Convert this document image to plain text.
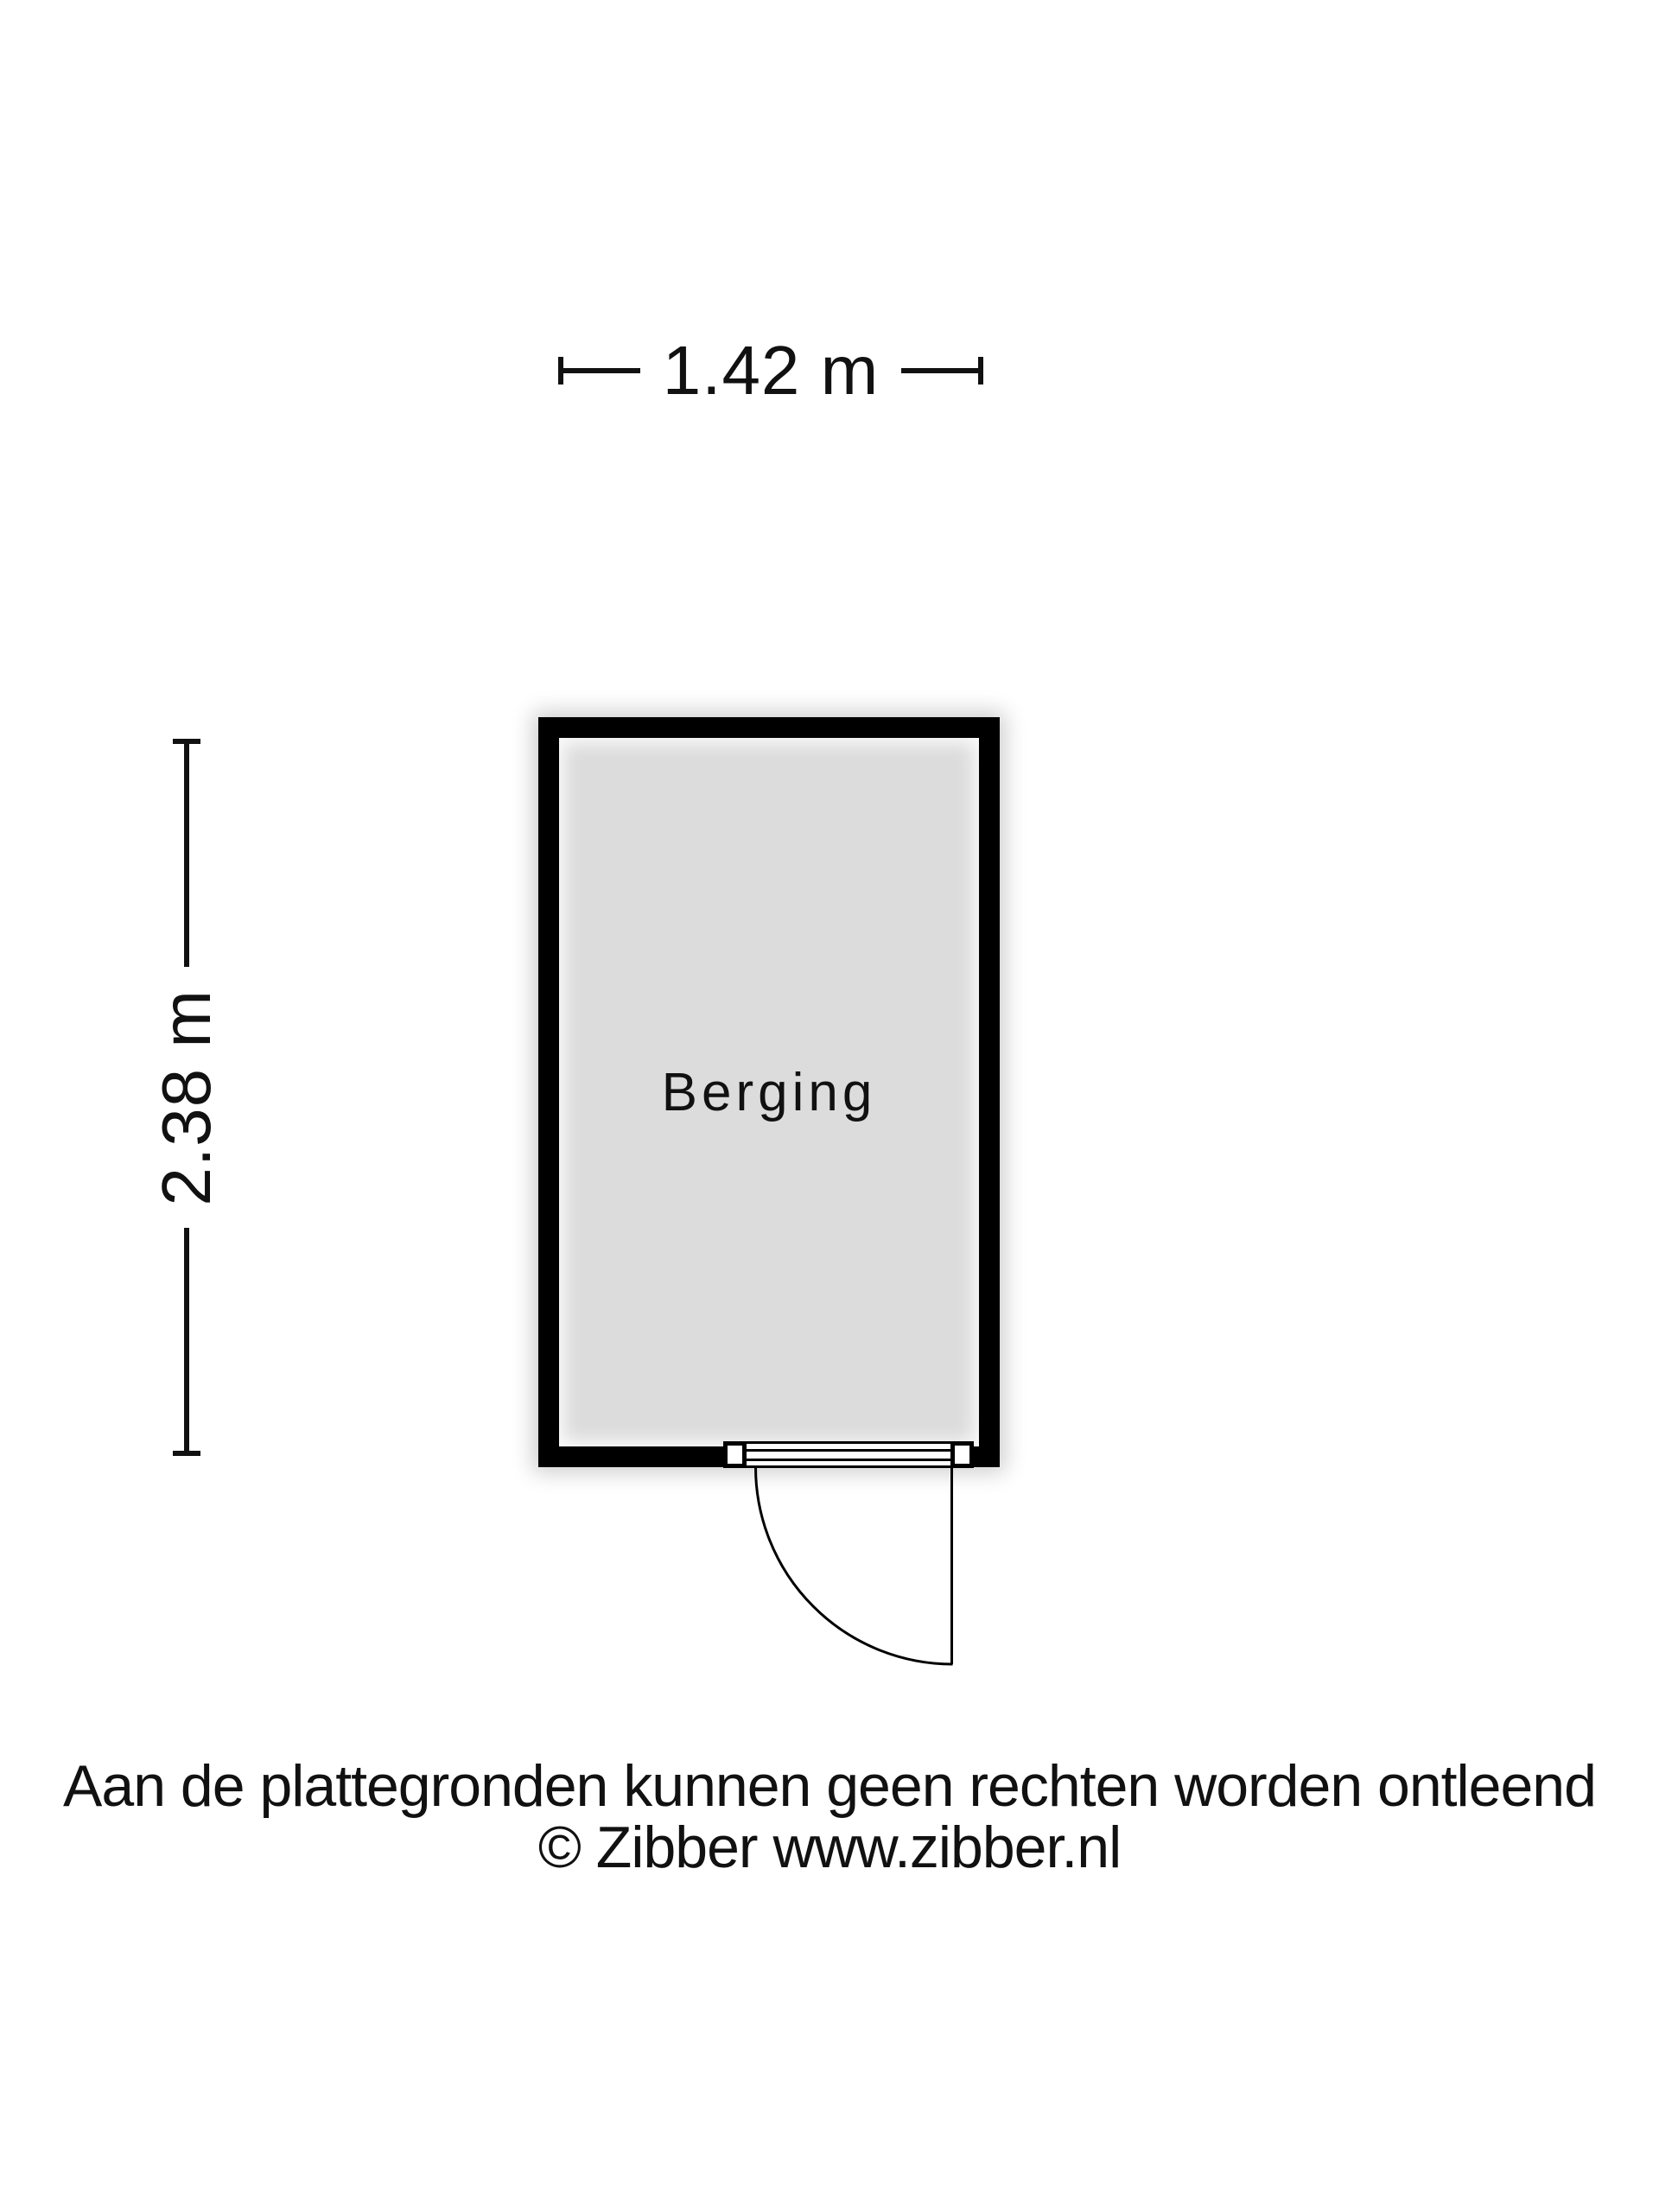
1.42 m
2.38 m	Berging
Aan de plattegronden kunnen geen rechten worden ontleend
© Zibber www.zibber.nl
